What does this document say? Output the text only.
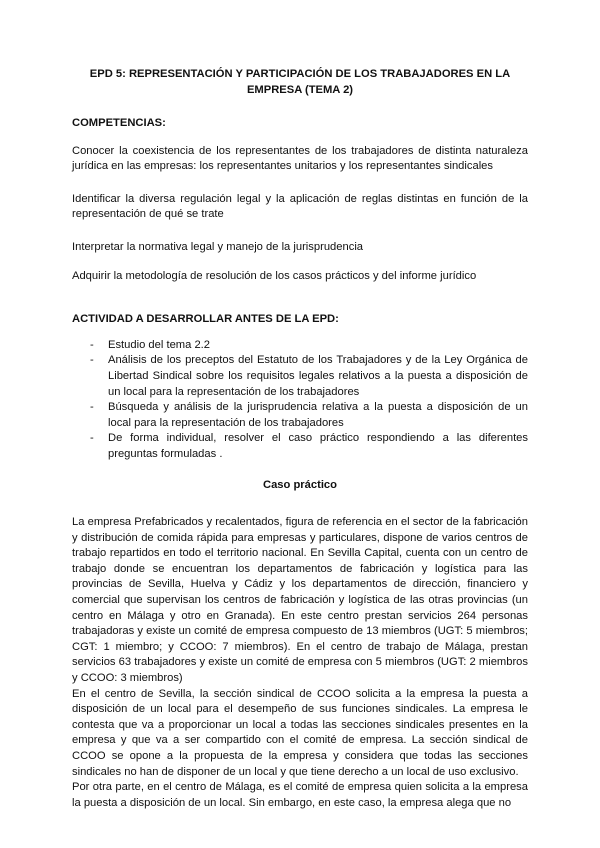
EPD 5: REPRESENTACIÓN Y PARTICIPACIÓN DE LOS TRABAJADORES EN LA EMPRESA (TEMA 2)
COMPETENCIAS:

Conocer la coexistencia de los representantes de los trabajadores de distinta naturaleza jurídica en las empresas: los representantes unitarios y los representantes sindicales

Identificar la diversa regulación legal y la aplicación de reglas distintas en función de la representación de qué se trate

Interpretar la normativa legal y manejo de la jurisprudencia

Adquirir la metodología de resolución de los casos prácticos y del informe jurídico

ACTIVIDAD A DESARROLLAR ANTES DE LA EPD:
- Estudio del tema 2.2
- Análisis de los preceptos del Estatuto de los Trabajadores y de la Ley Orgánica de Libertad Sindical sobre los requisitos legales relativos a la puesta a disposición de un local para la representación de los trabajadores
- Búsqueda y análisis de la jurisprudencia relativa a la puesta a disposición de un local para la representación de los trabajadores
- De forma individual, resolver el caso práctico respondiendo a las diferentes preguntas formuladas .
Caso práctico

La empresa Prefabricados y recalentados, figura de referencia en el sector de la fabricación y distribución de comida rápida para empresas y particulares, dispone de varios centros de trabajo repartidos en todo el territorio nacional. En Sevilla Capital, cuenta con un centro de trabajo donde se encuentran los departamentos de fabricación y logística para las provincias de Sevilla, Huelva y Cádiz y los departamentos de dirección, financiero y comercial que supervisan los centros de fabricación y logística de las otras provincias (un centro en Málaga y otro en Granada). En este centro prestan servicios 264 personas trabajadoras y existe un comité de empresa compuesto de 13 miembros (UGT: 5 miembros; CGT: 1 miembro; y CCOO: 7 miembros). En el centro de trabajo de Málaga, prestan servicios 63 trabajadores y existe un comité de empresa con 5 miembros (UGT: 2 miembros y CCOO: 3 miembros)

En el centro de Sevilla, la sección sindical de CCOO solicita a la empresa la puesta a disposición de un local para el desempeño de sus funciones sindicales. La empresa le contesta que va a proporcionar un local a todas las secciones sindicales presentes en la empresa y que va a ser compartido con el comité de empresa. La sección sindical de CCOO se opone a la propuesta de la empresa y considera que todas las secciones sindicales no han de disponer de un local y que tiene derecho a un local de uso exclusivo.

Por otra parte, en el centro de Málaga, es el comité de empresa quien solicita a la empresa la puesta a disposición de un local. Sin embargo, en este caso, la empresa alega que no
